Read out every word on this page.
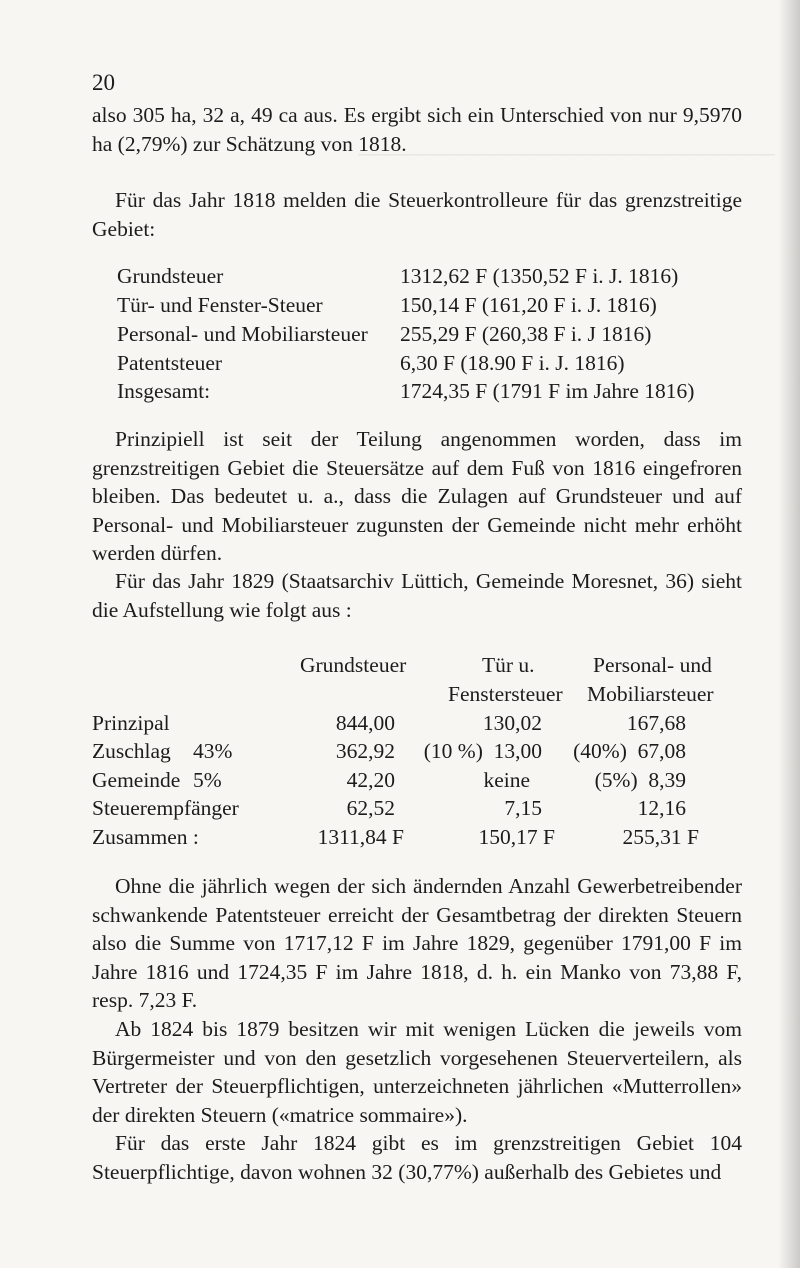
────────────────────────────
20
also 305 ha, 32 a, 49 ca aus. Es ergibt sich ein Unterschied von nur 9,5970 ha (2,79%) zur Schätzung von 1818.
Für das Jahr 1818 melden die Steuerkontrolleure für das grenzstreitige Gebiet:
Grundsteuer	1312,62 F (1350,52 F i. J. 1816)
Tür- und Fenster-Steuer	150,14 F (161,20 F i. J. 1816)
Personal- und Mobiliarsteuer 255,29 F (260,38 F i. J 1816)
Patentsteuer	6,30 F (18.90 F i. J. 1816)
Insgesamt:	1724,35 F (1791 F im Jahre 1816)
Prinzipiell ist seit der Teilung angenommen worden, dass im grenzstreitigen Gebiet die Steuersätze auf dem Fuß von 1816 eingefroren bleiben. Das bedeutet u. a., dass die Zulagen auf Grundsteuer und auf Personal- und Mobiliarsteuer zugunsten der Gemeinde nicht mehr erhöht werden dürfen.
Für das Jahr 1829 (Staatsarchiv Lüttich, Gemeinde Moresnet, 36) sieht die Aufstellung wie folgt aus :
Grundsteuer	Tür u.
Fenstersteuer
Personal- und
Mobiliarsteuer
Prinzipal	844,00	130,02	167,68
Zuschlag 43%	362,92	(10 %)  13,00	(40%)  67,08
Gemeinde 5%	42,20	keine	(5%)  8,39
Steuerempfänger	62,52	7,15	12,16
Zusammen :	1311,84 F	150,17 F	255,31 F
Ohne die jährlich wegen der sich ändernden Anzahl Gewerbetreibender schwankende Patentsteuer erreicht der Gesamtbetrag der direkten Steuern also die Summe von 1717,12 F im Jahre 1829, gegenüber 1791,00 F im Jahre 1816 und 1724,35 F im Jahre 1818, d. h. ein Manko von 73,88 F, resp. 7,23 F.
Ab 1824 bis 1879 besitzen wir mit wenigen Lücken die jeweils vom Bürgermeister und von den gesetzlich vorgesehenen Steuerverteilern, als Vertreter der Steuerpflichtigen, unterzeichneten jährlichen «Mutterrollen» der direkten Steuern («matrice sommaire»).
Für das erste Jahr 1824 gibt es im grenzstreitigen Gebiet 104 Steuerpflichtige, davon wohnen 32 (30,77%) außerhalb des Gebietes und
